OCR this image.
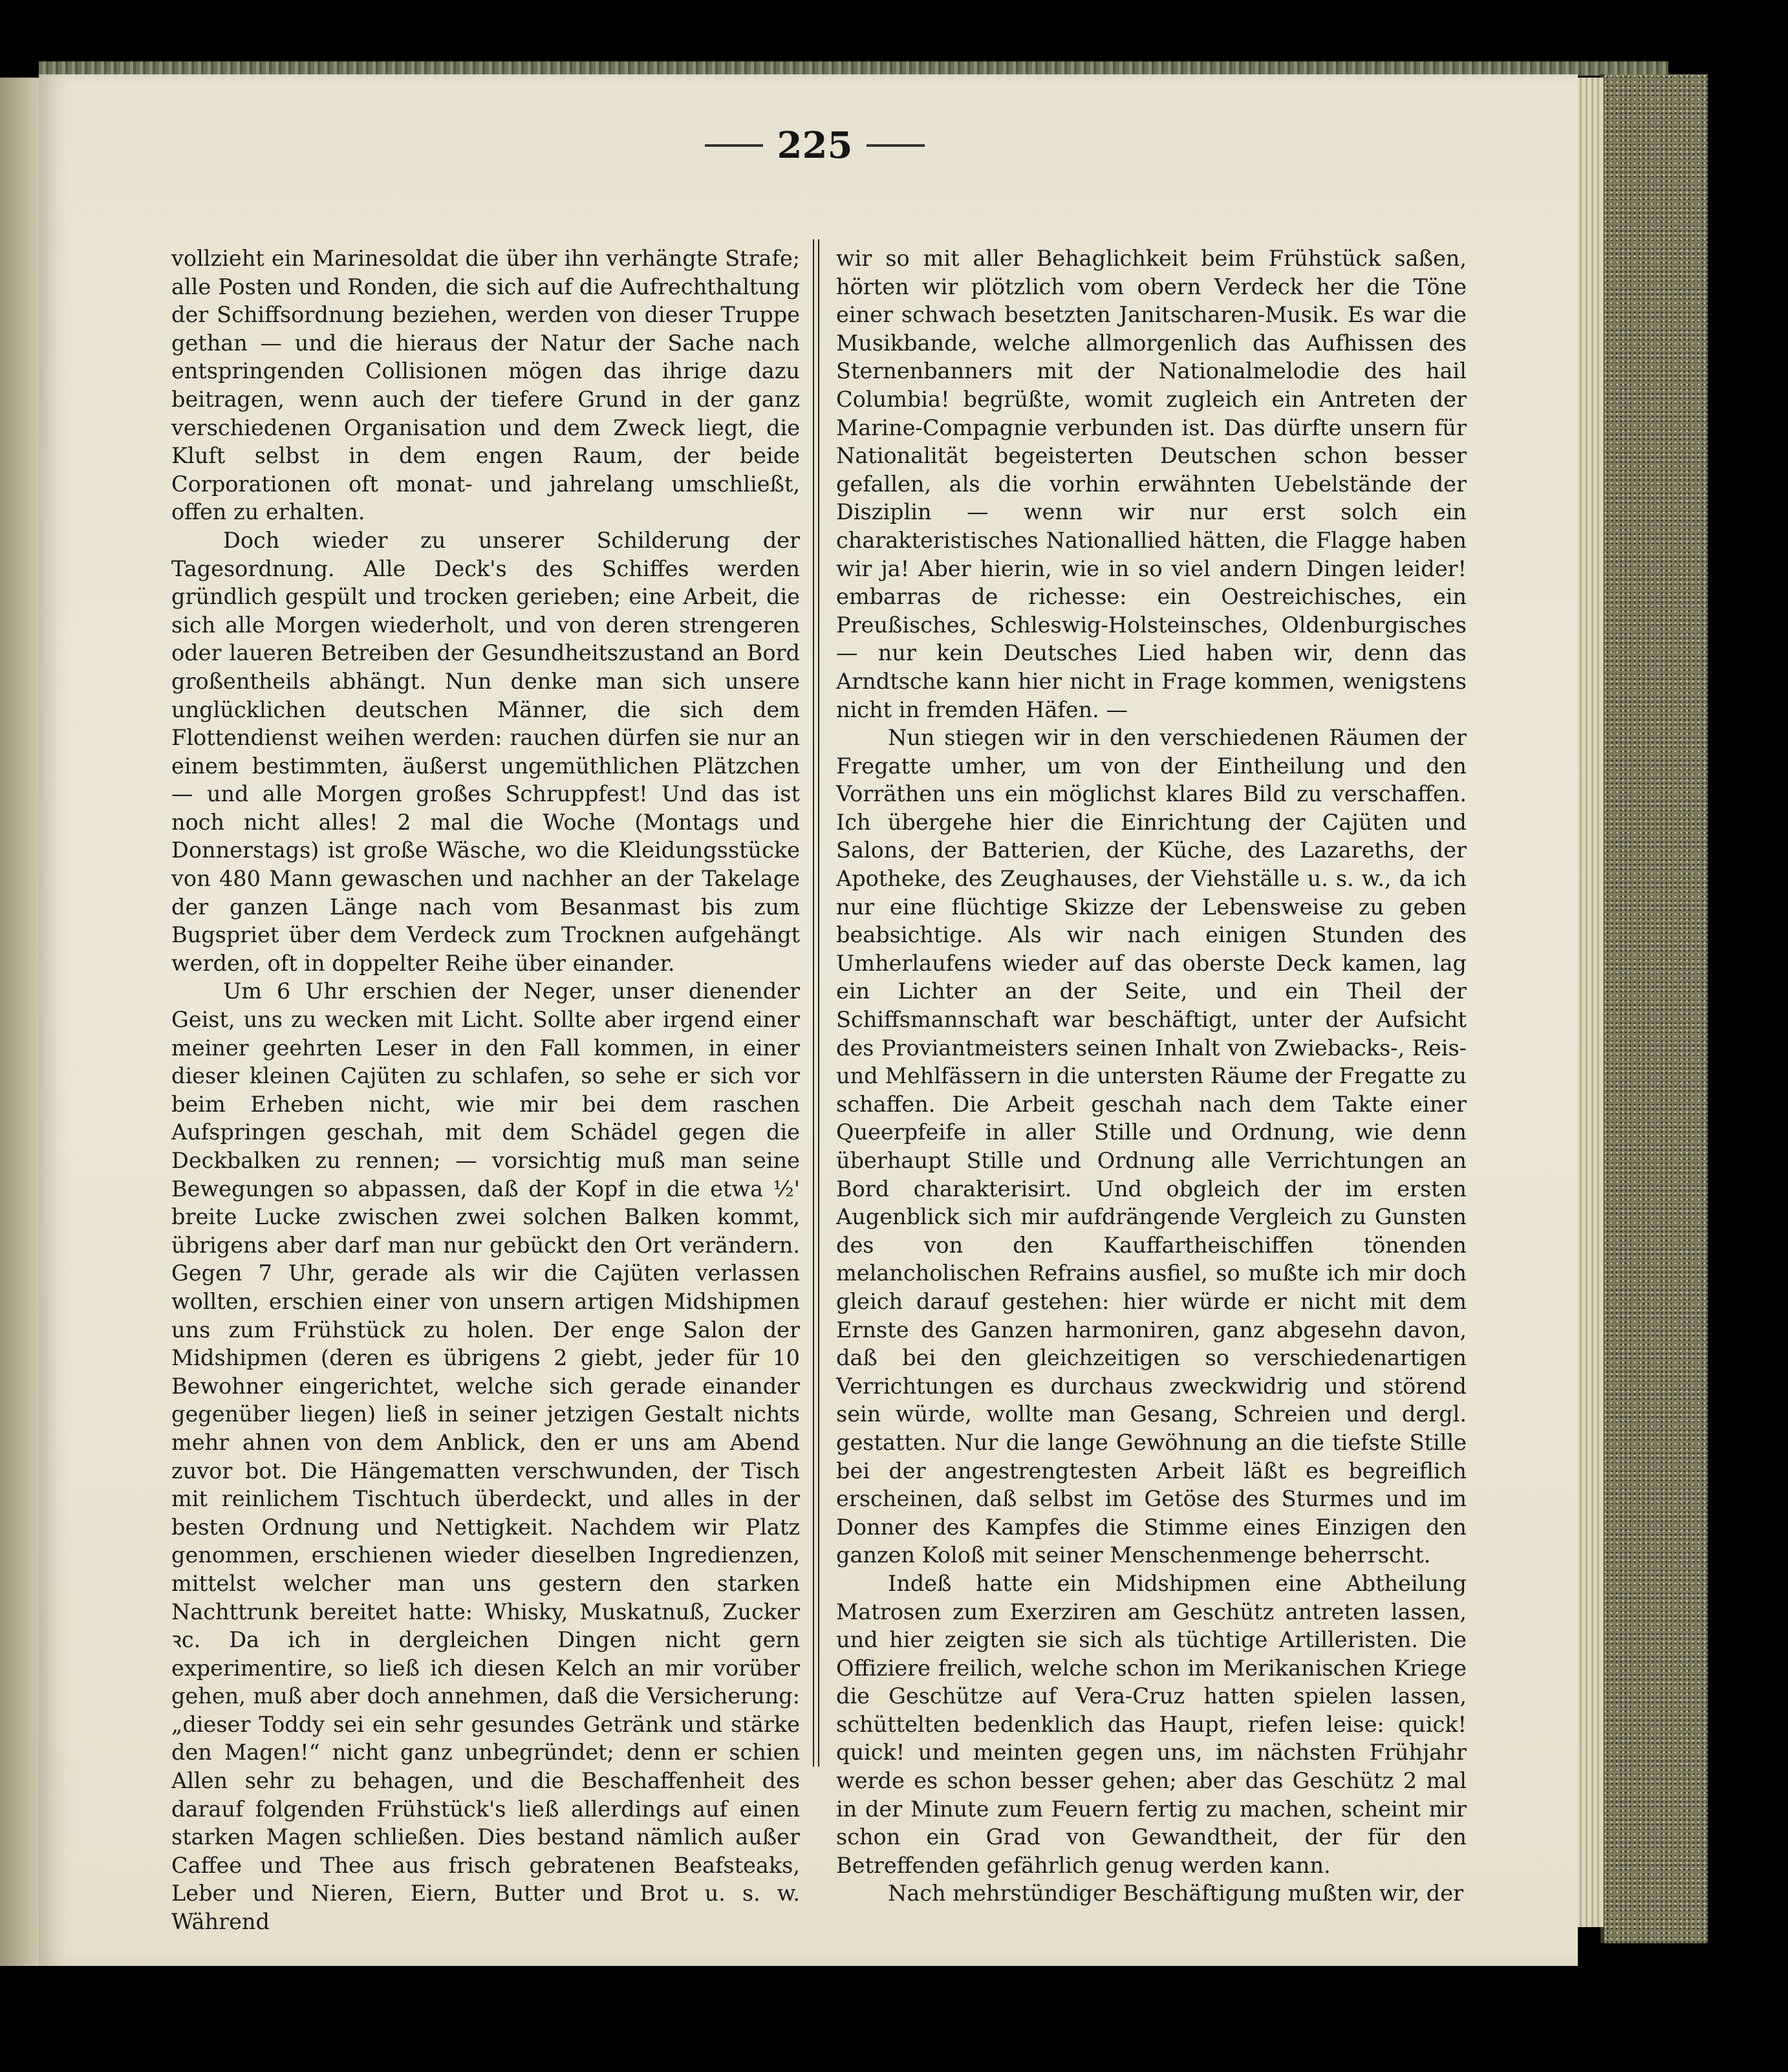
225

vollzieht ein Marinesoldat die über ihn verhängte Strafe; alle Posten und Ronden, die sich auf die Aufrechthaltung der Schiffsordnung beziehen, werden von dieser Truppe gethan — und die hieraus der Natur der Sache nach entspringenden Collisionen mögen das ihrige dazu beitragen, wenn auch der tiefere Grund in der ganz verschiedenen Organisation und dem Zweck liegt, die Kluft selbst in dem engen Raum, der beide Corporationen oft monat- und jahrelang umschließt, offen zu erhalten.

Doch wieder zu unserer Schilderung der Tagesordnung. Alle Deck's des Schiffes werden gründlich gespült und trocken gerieben; eine Arbeit, die sich alle Morgen wiederholt, und von deren strengeren oder laueren Betreiben der Gesundheitszustand an Bord großentheils abhängt. Nun denke man sich unsere unglücklichen deutschen Männer, die sich dem Flottendienst weihen werden: rauchen dürfen sie nur an einem bestimmten, äußerst ungemüthlichen Plätzchen — und alle Morgen großes Schruppfest! Und das ist noch nicht alles! 2 mal die Woche (Montags und Donnerstags) ist große Wäsche, wo die Kleidungsstücke von 480 Mann gewaschen und nachher an der Takelage der ganzen Länge nach vom Besanmast bis zum Bugspriet über dem Verdeck zum Trocknen aufgehängt werden, oft in doppelter Reihe über einander.

Um 6 Uhr erschien der Neger, unser dienender Geist, uns zu wecken mit Licht. Sollte aber irgend einer meiner geehrten Leser in den Fall kommen, in einer dieser kleinen Cajüten zu schlafen, so sehe er sich vor beim Erheben nicht, wie mir bei dem raschen Aufspringen geschah, mit dem Schädel gegen die Deckbalken zu rennen; — vorsichtig muß man seine Bewegungen so abpassen, daß der Kopf in die etwa ½' breite Lucke zwischen zwei solchen Balken kommt, übrigens aber darf man nur gebückt den Ort verändern. Gegen 7 Uhr, gerade als wir die Cajüten verlassen wollten, erschien einer von unsern artigen Midshipmen uns zum Frühstück zu holen. Der enge Salon der Midshipmen (deren es übrigens 2 giebt, jeder für 10 Bewohner eingerichtet, welche sich gerade einander gegenüber liegen) ließ in seiner jetzigen Gestalt nichts mehr ahnen von dem Anblick, den er uns am Abend zuvor bot. Die Hängematten verschwunden, der Tisch mit reinlichem Tischtuch überdeckt, und alles in der besten Ordnung und Nettigkeit. Nachdem wir Platz genommen, erschienen wieder dieselben Ingredienzen, mittelst welcher man uns gestern den starken Nachttrunk bereitet hatte: Whisky, Muskatnuß, Zucker ꝛc. Da ich in dergleichen Dingen nicht gern experimentire, so ließ ich diesen Kelch an mir vorüber gehen, muß aber doch annehmen, daß die Versicherung: „dieser Toddy sei ein sehr gesundes Getränk und stärke den Magen!“ nicht ganz unbegründet; denn er schien Allen sehr zu behagen, und die Beschaffenheit des darauf folgenden Frühstück's ließ allerdings auf einen starken Magen schließen. Dies bestand nämlich außer Caffee und Thee aus frisch gebratenen Beafsteaks, Leber und Nieren, Eiern, Butter und Brot u. s. w. Während

wir so mit aller Behaglichkeit beim Frühstück saßen, hörten wir plötzlich vom obern Verdeck her die Töne einer schwach besetzten Janitscharen-Musik. Es war die Musikbande, welche allmorgenlich das Aufhissen des Sternenbanners mit der Nationalmelodie des hail Columbia! begrüßte, womit zugleich ein Antreten der Marine-Compagnie verbunden ist. Das dürfte unsern für Nationalität begeisterten Deutschen schon besser gefallen, als die vorhin erwähnten Uebelstände der Disziplin — wenn wir nur erst solch ein charakteristisches Nationallied hätten, die Flagge haben wir ja! Aber hierin, wie in so viel andern Dingen leider! embarras de richesse: ein Oestreichisches, ein Preußisches, Schleswig-Holsteinsches, Oldenburgisches — nur kein Deutsches Lied haben wir, denn das Arndtsche kann hier nicht in Frage kommen, wenigstens nicht in fremden Häfen. —

Nun stiegen wir in den verschiedenen Räumen der Fregatte umher, um von der Eintheilung und den Vorräthen uns ein möglichst klares Bild zu verschaffen. Ich übergehe hier die Einrichtung der Cajüten und Salons, der Batterien, der Küche, des Lazareths, der Apotheke, des Zeughauses, der Viehställe u. s. w., da ich nur eine flüchtige Skizze der Lebensweise zu geben beabsichtige. Als wir nach einigen Stunden des Umherlaufens wieder auf das oberste Deck kamen, lag ein Lichter an der Seite, und ein Theil der Schiffsmannschaft war beschäftigt, unter der Aufsicht des Proviantmeisters seinen Inhalt von Zwiebacks-, Reis- und Mehlfässern in die untersten Räume der Fregatte zu schaffen. Die Arbeit geschah nach dem Takte einer Queerpfeife in aller Stille und Ordnung, wie denn überhaupt Stille und Ordnung alle Verrichtungen an Bord charakterisirt. Und obgleich der im ersten Augenblick sich mir aufdrängende Vergleich zu Gunsten des von den Kauffartheischiffen tönenden melancholischen Refrains ausfiel, so mußte ich mir doch gleich darauf gestehen: hier würde er nicht mit dem Ernste des Ganzen harmoniren, ganz abgesehn davon, daß bei den gleichzeitigen so verschiedenartigen Verrichtungen es durchaus zweckwidrig und störend sein würde, wollte man Gesang, Schreien und dergl. gestatten. Nur die lange Gewöhnung an die tiefste Stille bei der angestrengtesten Arbeit läßt es begreiflich erscheinen, daß selbst im Getöse des Sturmes und im Donner des Kampfes die Stimme eines Einzigen den ganzen Koloß mit seiner Menschenmenge beherrscht.

Indeß hatte ein Midshipmen eine Abtheilung Matrosen zum Exerziren am Geschütz antreten lassen, und hier zeigten sie sich als tüchtige Artilleristen. Die Offiziere freilich, welche schon im Merikanischen Kriege die Geschütze auf Vera-Cruz hatten spielen lassen, schüttelten bedenklich das Haupt, riefen leise: quick! quick! und meinten gegen uns, im nächsten Frühjahr werde es schon besser gehen; aber das Geschütz 2 mal in der Minute zum Feuern fertig zu machen, scheint mir schon ein Grad von Gewandtheit, der für den Betreffenden gefährlich genug werden kann.

Nach mehrstündiger Beschäftigung mußten wir, der
